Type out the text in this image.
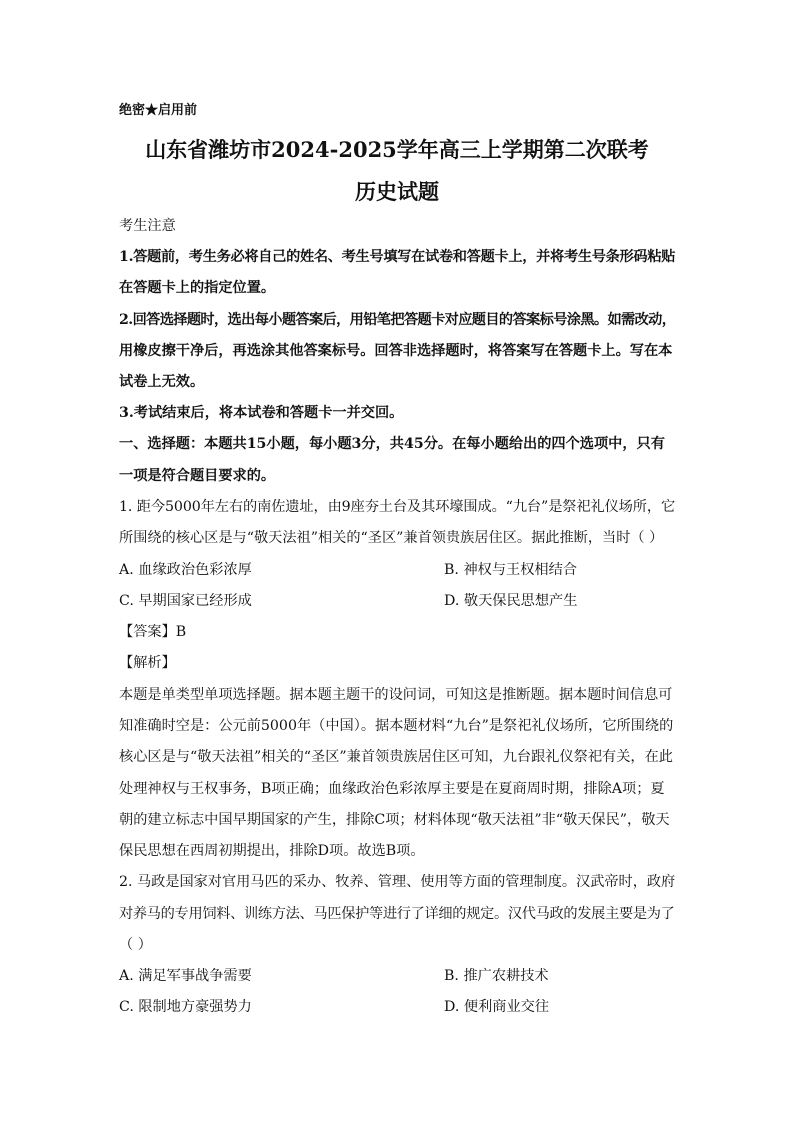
绝密★启用前
山东省潍坊市2024-2025学年高三上学期第二次联考
历史试题
考生注意
1.答题前，考生务必将自己的姓名、考生号填写在试卷和答题卡上，并将考生号条形码粘贴
在答题卡上的指定位置。
2.回答选择题时，选出每小题答案后，用铅笔把答题卡对应题目的答案标号涂黑。如需改动，
用橡皮擦干净后，再选涂其他答案标号。回答非选择题时，将答案写在答题卡上。写在本
试卷上无效。
3.考试结束后，将本试卷和答题卡一并交回。
一、选择题：本题共15小题，每小题3分，共45分。在每小题给出的四个选项中，只有
一项是符合题目要求的。
1. 距今5000年左右的南佐遗址，由9座夯土台及其环壕围成。“九台”是祭祀礼仪场所，它
所围绕的核心区是与“敬天法祖”相关的“圣区”兼首领贵族居住区。据此推断，当时（ ）
A. 血缘政治色彩浓厚	B. 神权与王权相结合
C. 早期国家已经形成	D. 敬天保民思想产生
【答案】B
【解析】
本题是单类型单项选择题。据本题主题干的设问词，可知这是推断题。据本题时间信息可
知准确时空是：公元前5000年（中国）。据本题材料“九台”是祭祀礼仪场所，它所围绕的
核心区是与“敬天法祖”相关的“圣区”兼首领贵族居住区可知，九台跟礼仪祭祀有关，在此
处理神权与王权事务，B项正确；血缘政治色彩浓厚主要是在夏商周时期，排除A项；夏
朝的建立标志中国早期国家的产生，排除C项；材料体现“敬天法祖”非“敬天保民”，敬天
保民思想在西周初期提出，排除D项。故选B项。
2. 马政是国家对官用马匹的采办、牧养、管理、使用等方面的管理制度。汉武帝时，政府
对养马的专用饲料、训练方法、马匹保护等进行了详细的规定。汉代马政的发展主要是为了
（ ）
A. 满足军事战争需要	B. 推广农耕技术
C. 限制地方豪强势力	D. 便利商业交往
